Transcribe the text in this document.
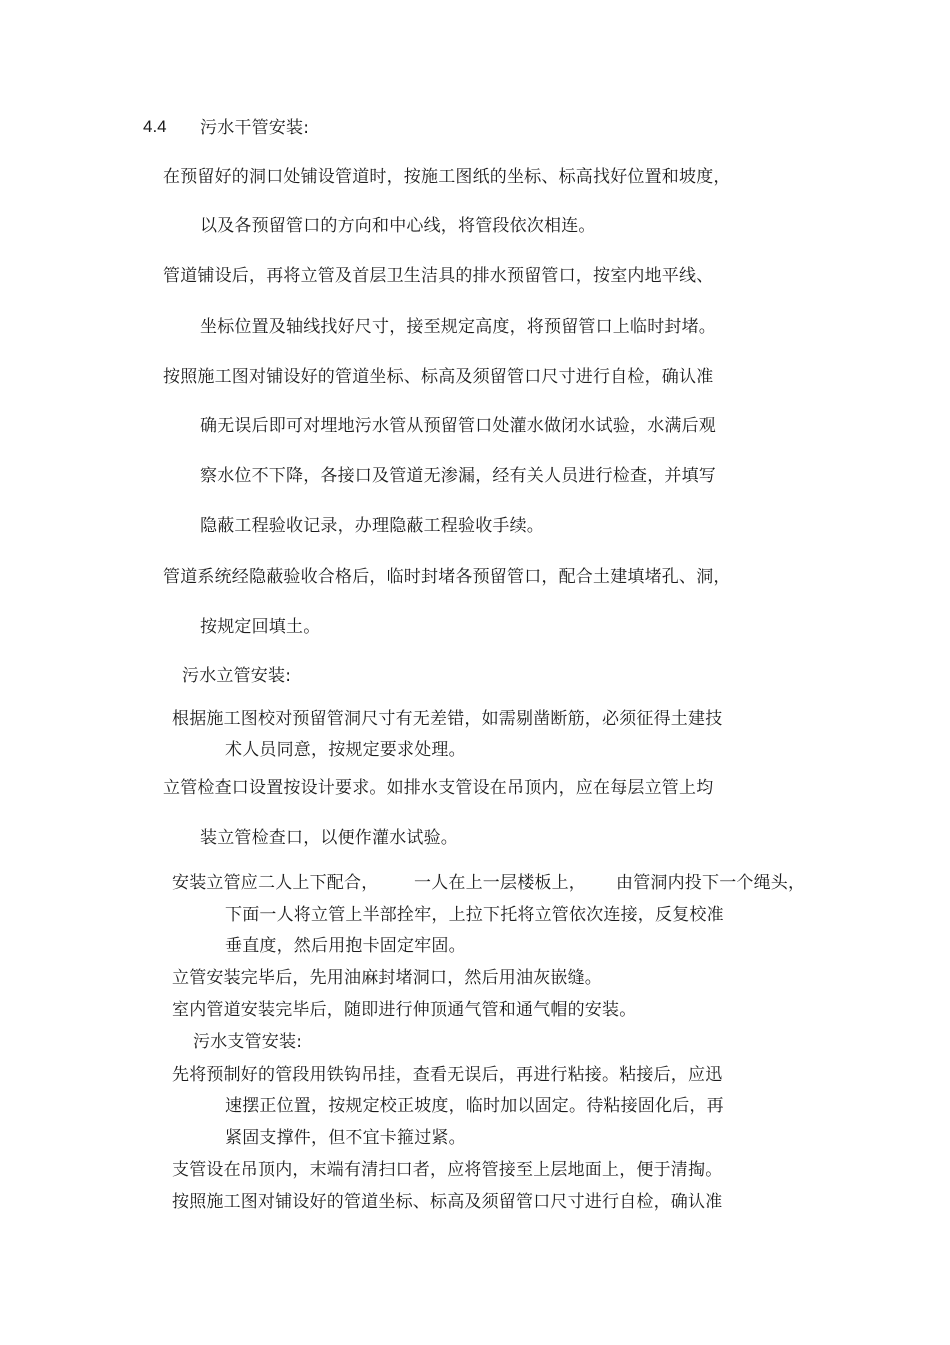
4.4 污水干管安装:
在预留好的洞口处铺设管道时，按施工图纸的坐标、标高找好位置和坡度，
以及各预留管口的方向和中心线，将管段依次相连。
管道铺设后，再将立管及首层卫生洁具的排水预留管口，按室内地平线、
坐标位置及轴线找好尺寸，接至规定高度，将预留管口上临时封堵。
按照施工图对铺设好的管道坐标、标高及须留管口尺寸进行自检，确认准
确无误后即可对埋地污水管从预留管口处灌水做闭水试验，水满后观
察水位不下降，各接口及管道无渗漏，经有关人员进行检查，并填写
隐蔽工程验收记录，办理隐蔽工程验收手续。
管道系统经隐蔽验收合格后，临时封堵各预留管口，配合土建填堵孔、洞，
按规定回填土。
污水立管安装:
根据施工图校对预留管洞尺寸有无差错，如需剔凿断筋，必须征得土建技
术人员同意，按规定要求处理。
立管检查口设置按设计要求。如排水支管设在吊顶内，应在每层立管上均
装立管检查口，以便作灌水试验。
安装立管应二人上下配合， 一人在上一层楼板上， 由管洞内投下一个绳头，
下面一人将立管上半部拴牢，上拉下托将立管依次连接，反复校准
垂直度，然后用抱卡固定牢固。
立管安装完毕后，先用油麻封堵洞口，然后用油灰嵌缝。
室内管道安装完毕后，随即进行伸顶通气管和通气帽的安装。
污水支管安装:
先将预制好的管段用铁钩吊挂，查看无误后，再进行粘接。粘接后，应迅
速摆正位置，按规定校正坡度，临时加以固定。待粘接固化后，再
紧固支撑件，但不宜卡箍过紧。
支管设在吊顶内，末端有清扫口者，应将管接至上层地面上，便于清掏。
按照施工图对铺设好的管道坐标、标高及须留管口尺寸进行自检，确认准
